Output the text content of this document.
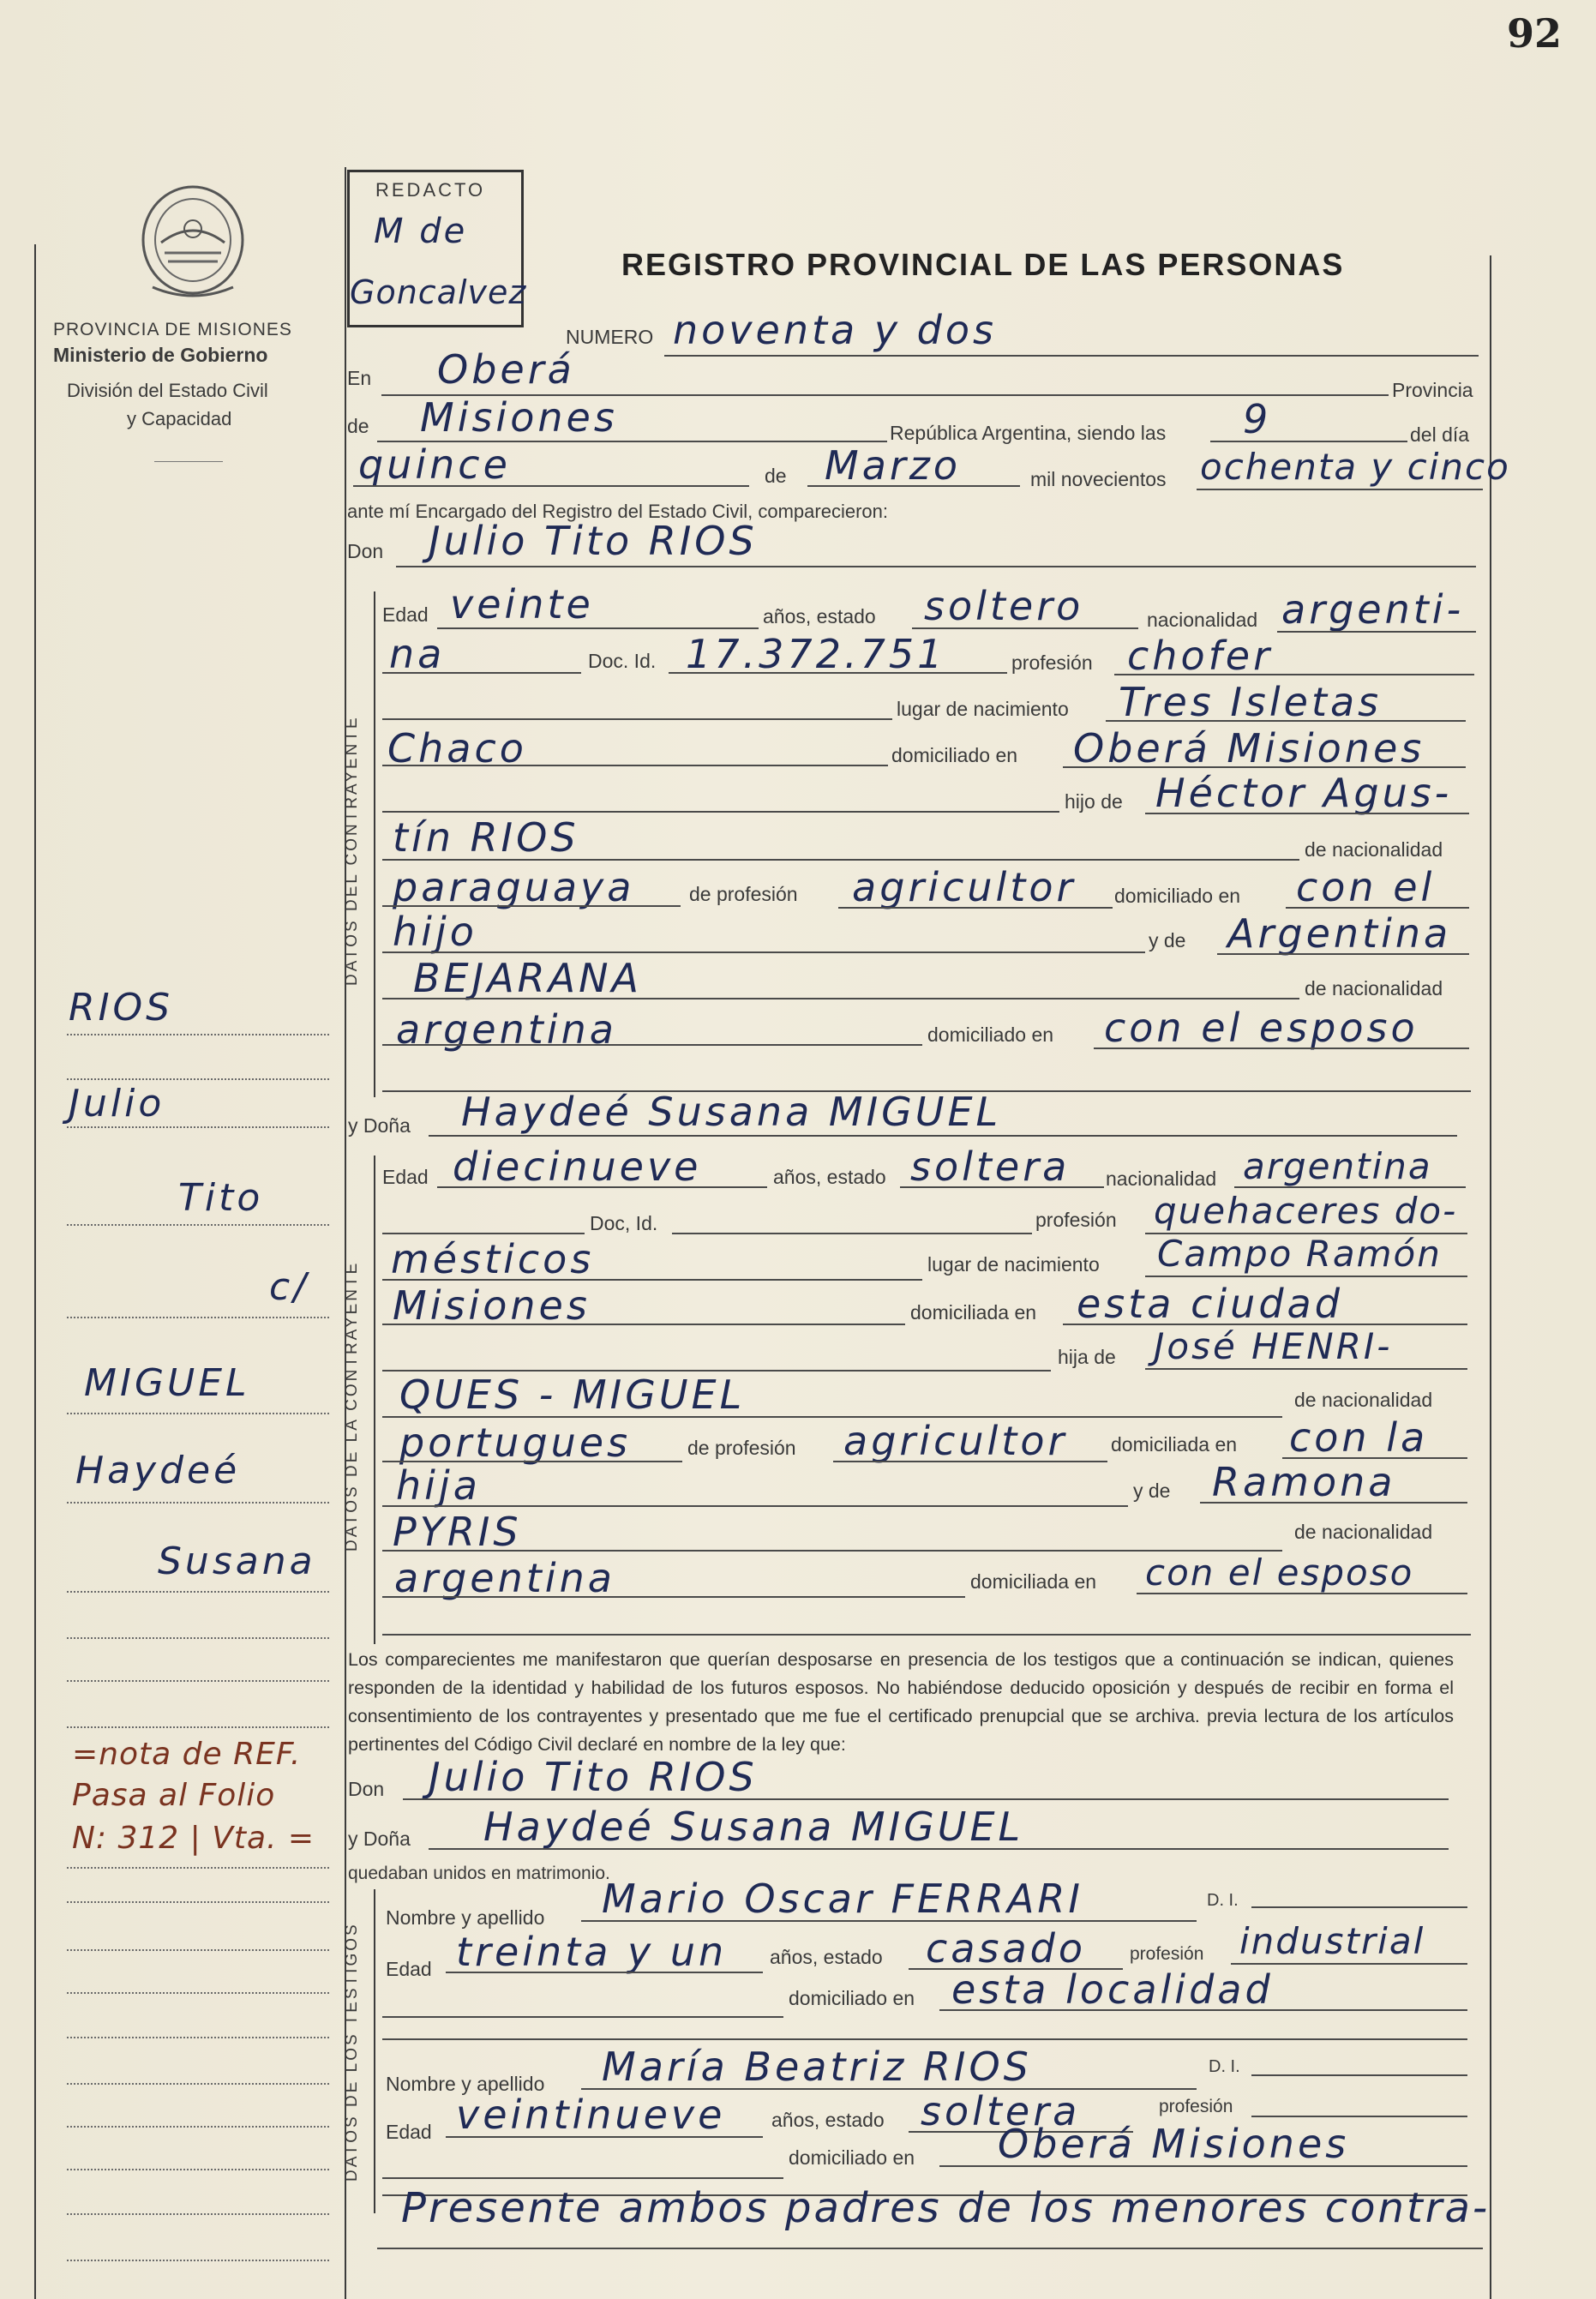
92
PROVINCIA DE MISIONES
Ministerio de Gobierno
División del Estado Civil
y Capacidad
REDACTO
M de
Goncalvez
REGISTRO PROVINCIAL DE LAS PERSONAS
NUMERO noventa y dos
En Oberá	Provincia
de Misiones	República Argentina, siendo las 9	del día
quince	de Marzo	mil novecientos ochenta y cinco
ante mí Encargado del Registro del Estado Civil, comparecieron:
Don Julio Tito RIOS
DATOS DEL CONTRAYENTE
Edad veinte	años, estado soltero	nacionalidad argenti-
na	Doc. Id. 17.372.751	profesión chofer
lugar de nacimiento Tres Isletas
Chaco	domiciliado en Oberá Misiones
hijo de Héctor Agus-
tín RIOS	de nacionalidad
paraguaya	de profesión agricultor domiciliado en con el
hijo	y de Argentina
BEJARANA	de nacionalidad
argentina	domiciliado en con el esposo
y Doña Haydeé Susana MIGUEL
DATOS DE LA CONTRAYENTE
Edad diecinueve	años, estado soltera nacionalidad argentina
Doc, Id.	profesión quehaceres do-
mésticos	lugar de nacimiento Campo Ramón
Misiones	domiciliada en esta ciudad
hija de José HENRI-
QUES - MIGUEL	de nacionalidad
portugues	de profesión agricultor domiciliada en con la
hija	y de Ramona
PYRIS	de nacionalidad
argentina	domiciliada en con el esposo
Los comparecientes me manifestaron que querían desposarse en presencia de los testigos que a continuación se indican, quienes responden de la identidad y habilidad de los futuros esposos. No habiéndose deducido oposición y después de recibir en forma el consentimiento de los contrayentes y presentado que me fue el certificado prenupcial que se archiva. previa lectura de los artículos pertinentes del Código Civil declaré en nombre de la ley que:
Don Julio Tito RIOS
y Doña Haydeé Susana MIGUEL
quedaban unidos en matrimonio.
DATOS DE LOS TESTIGOS
Nombre y apellido Mario Oscar FERRARI	D. I.
Edad treinta y un años, estado casado profesión industrial
domiciliado en esta localidad
Nombre y apellido María Beatriz RIOS	D. I.
Edad veintinueve años, estado soltera	profesión
domiciliado en Oberá Misiones
Presente ambos padres de los menores contra-
RIOS
Julio
Tito
c/
MIGUEL
Haydeé
Susana
=nota de REF.
Pasa al Folio
N: 312 | Vta. =
